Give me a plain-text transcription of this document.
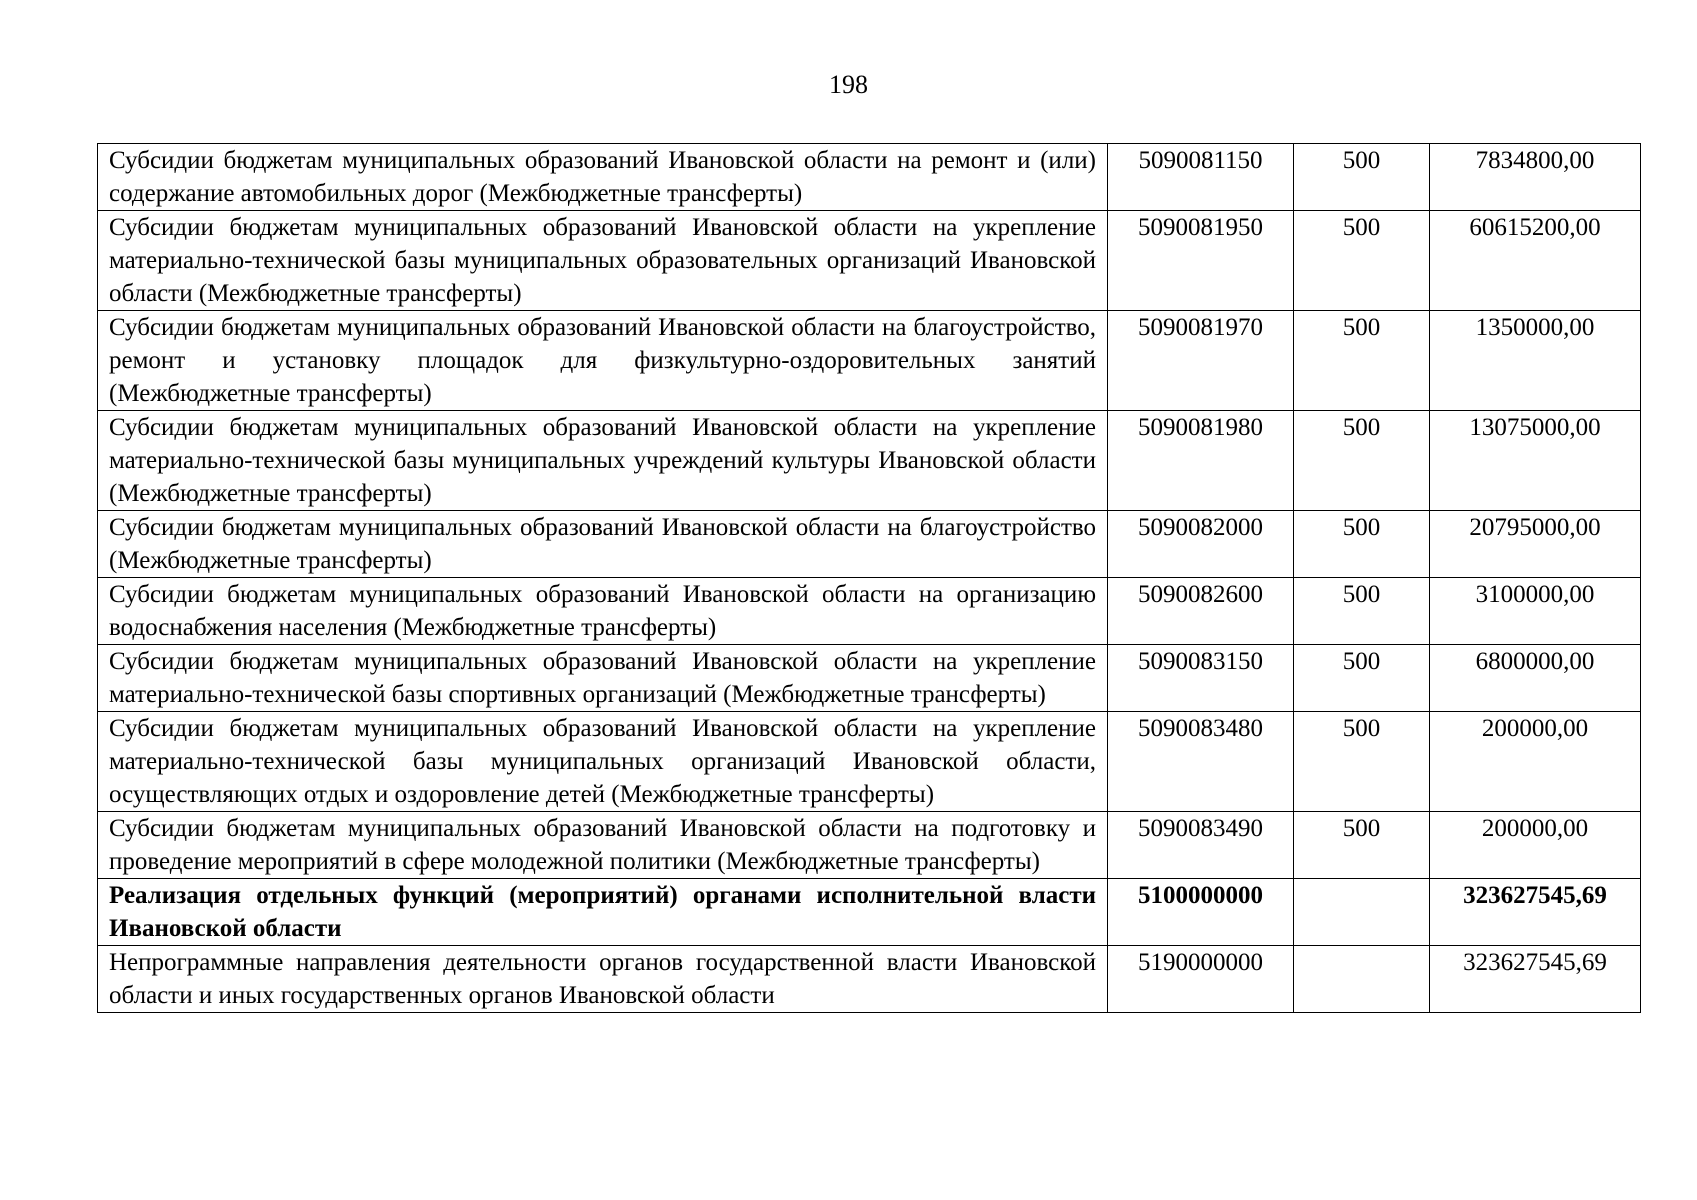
198
Субсидии бюджетам муниципальных образований Ивановской области на ремонт и (или) содержание автомобильных дорог (Межбюджетные трансферты)	5090081150	500	7834800,00
Субсидии бюджетам муниципальных образований Ивановской области на укрепление материально-технической базы муниципальных образовательных организаций Ивановской области (Межбюджетные трансферты)	5090081950	500	60615200,00
Субсидии бюджетам муниципальных образований Ивановской области на благоустройство, ремонт и установку площадок для физкультурно-оздоровительных занятий (Межбюджетные трансферты)	5090081970	500	1350000,00
Субсидии бюджетам муниципальных образований Ивановской области на укрепление материально-технической базы муниципальных учреждений культуры Ивановской области (Межбюджетные трансферты)	5090081980	500	13075000,00
Субсидии бюджетам муниципальных образований Ивановской области на благоустройство (Межбюджетные трансферты)	5090082000	500	20795000,00
Субсидии бюджетам муниципальных образований Ивановской области на организацию водоснабжения населения (Межбюджетные трансферты)	5090082600	500	3100000,00
Субсидии бюджетам муниципальных образований Ивановской области на укрепление материально-технической базы спортивных организаций (Межбюджетные трансферты)	5090083150	500	6800000,00
Субсидии бюджетам муниципальных образований Ивановской области на укрепление материально-технической базы муниципальных организаций Ивановской области, осуществляющих отдых и оздоровление детей (Межбюджетные трансферты)	5090083480	500	200000,00
Субсидии бюджетам муниципальных образований Ивановской области на подготовку и проведение мероприятий в сфере молодежной политики (Межбюджетные трансферты)	5090083490	500	200000,00
Реализация отдельных функций (мероприятий) органами исполнительной власти Ивановской области	5100000000		323627545,69
Непрограммные направления деятельности органов государственной власти Ивановской области и иных государственных органов Ивановской области	5190000000		323627545,69
